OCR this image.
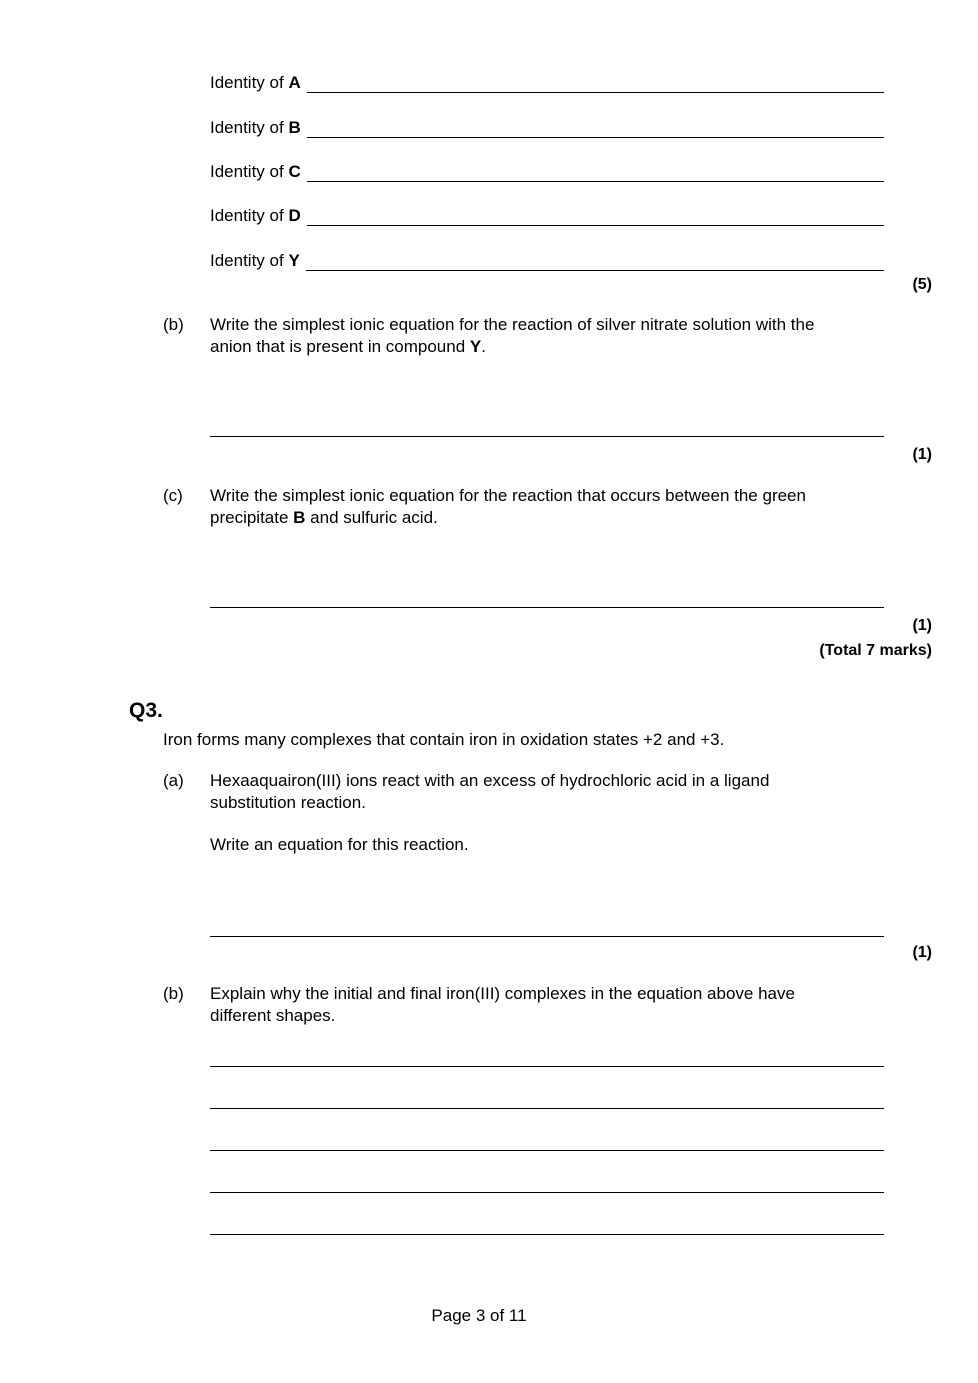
Identity of A
Identity of B
Identity of C
Identity of D
Identity of Y
(5)
(b) Write the simplest ionic equation for the reaction of silver nitrate solution with the
anion that is present in compound Y.
(1)
(c) Write the simplest ionic equation for the reaction that occurs between the green
precipitate B and sulfuric acid.
(1)
(Total 7 marks)
Q3.
Iron forms many complexes that contain iron in oxidation states +2 and +3.
(a) Hexaaquairon(III) ions react with an excess of hydrochloric acid in a ligand
substitution reaction.
Write an equation for this reaction.
(1)
(b) Explain why the initial and final iron(III) complexes in the equation above have
different shapes.
Page 3 of 11
